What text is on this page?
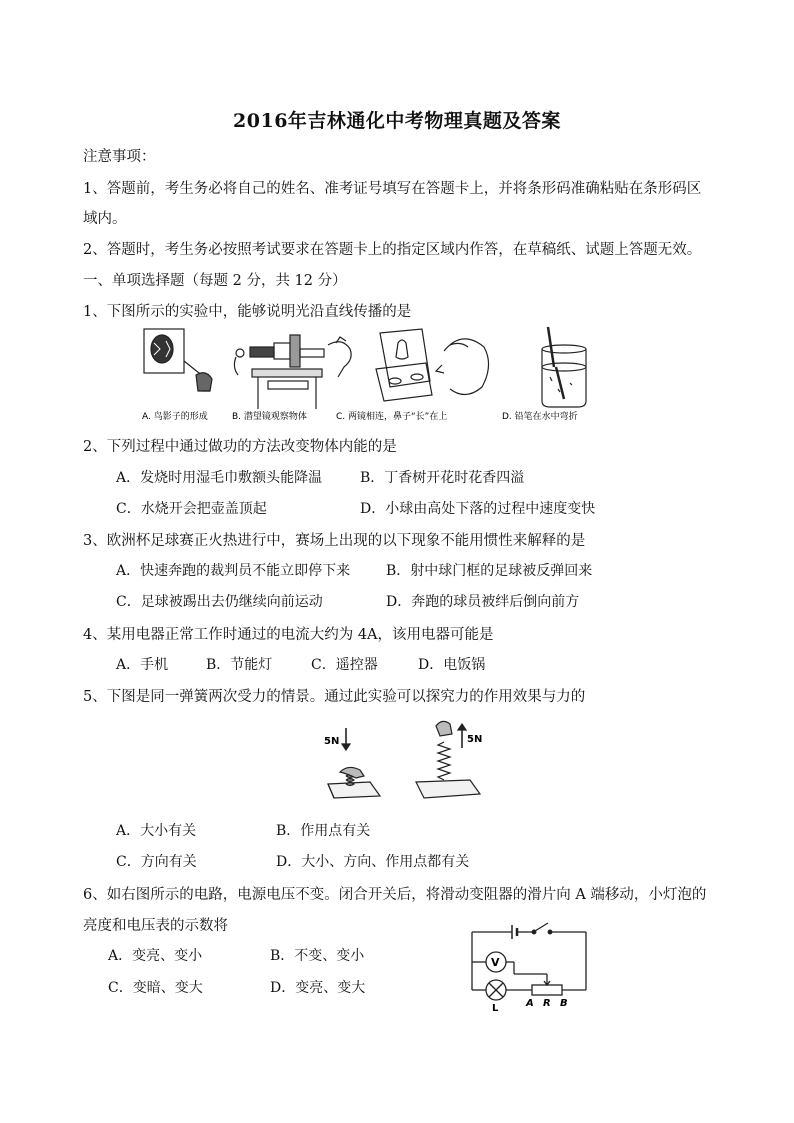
2016年吉林通化中考物理真题及答案
注意事项：
1、答题前，考生务必将自己的姓名、准考证号填写在答题卡上，并将条形码准确粘贴在条形码区
域内。
2、答题时，考生务必按照考试要求在答题卡上的指定区域内作答，在草稿纸、试题上答题无效。
一、单项选择题（每题 2 分，共 12 分）
1、下图所示的实验中，能够说明光沿直线传播的是
A. 鸟影子的形成	B. 潜望镜观察物体	C. 两镜相连，鼻子“长”在上	D. 铅笔在水中弯折
2、下列过程中通过做功的方法改变物体内能的是
A．发烧时用湿毛巾敷额头能降温	B．丁香树开花时花香四溢
C．水烧开会把壶盖顶起	D．小球由高处下落的过程中速度变快
3、欧洲杯足球赛正火热进行中，赛场上出现的以下现象不能用惯性来解释的是
A．快速奔跑的裁判员不能立即停下来	B．射中球门框的足球被反弹回来
C．足球被踢出去仍继续向前运动	D．奔跑的球员被绊后倒向前方
4、某用电器正常工作时通过的电流大约为 4A，该用电器可能是
A．手机	B．节能灯	C．遥控器	D．电饭锅
5、下图是同一弹簧两次受力的情景。通过此实验可以探究力的作用效果与力的
5N	5N
A．大小有关	B．作用点有关
C．方向有关	D．大小、方向、作用点都有关
6、如右图所示的电路，电源电压不变。闭合开关后，将滑动变阻器的滑片向 A 端移动，小灯泡的
亮度和电压表的示数将
A．变亮、变小	B．不变、变小
C．变暗、变大	D．变亮、变大
V
L	A R B
